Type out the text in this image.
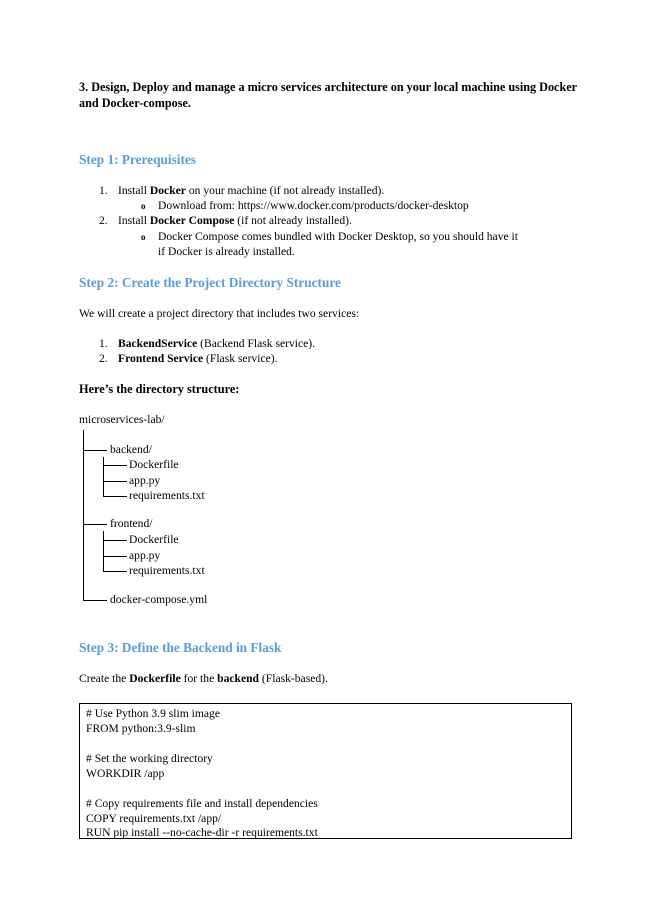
3. Design, Deploy and manage a micro services architecture on your local machine using Docker and Docker-compose.
Step 1: Prerequisites
1. Install Docker on your machine (if not already installed).
o Download from: https://www.docker.com/products/docker-desktop
2. Install Docker Compose (if not already installed).
o Docker Compose comes bundled with Docker Desktop, so you should have it
if Docker is already installed.
Step 2: Create the Project Directory Structure
We will create a project directory that includes two services:
1. BackendService (Backend Flask service).
2. Frontend Service (Flask service).
Here’s the directory structure:
microservices-lab/
backend/
Dockerfile
app.py
requirements.txt
frontend/
Dockerfile
app.py
requirements.txt
docker-compose.yml
Step 3: Define the Backend in Flask
Create the Dockerfile for the backend (Flask-based).
# Use Python 3.9 slim image
FROM python:3.9-slim
# Set the working directory
WORKDIR /app
# Copy requirements file and install dependencies
COPY requirements.txt /app/
RUN pip install --no-cache-dir -r requirements.txt
